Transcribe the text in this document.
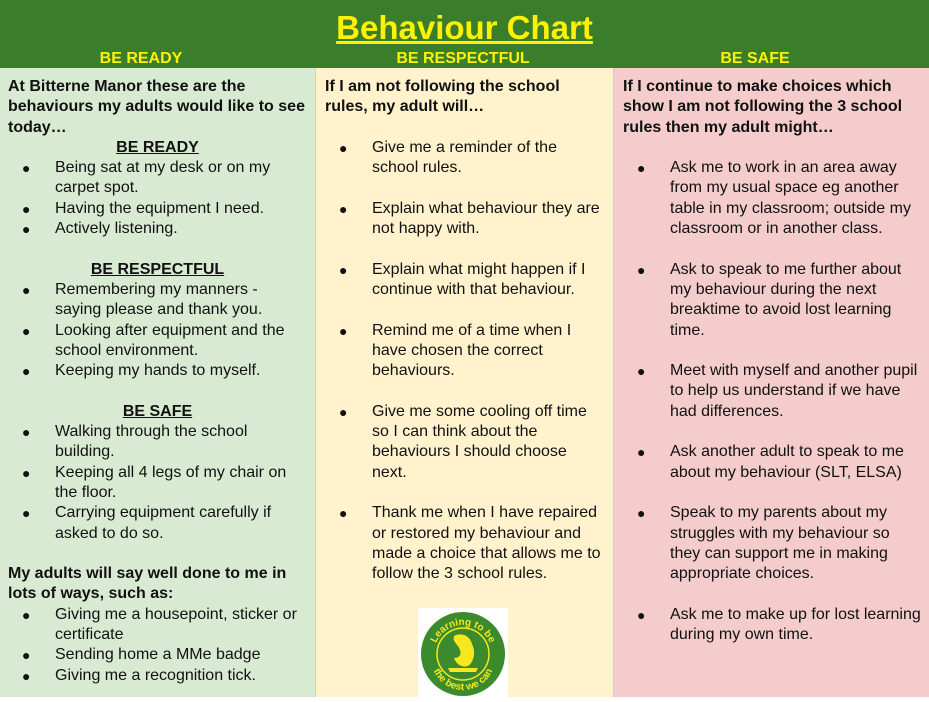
Behaviour Chart
BE READY	BE RESPECTFUL	BE SAFE

At Bitterne Manor these are the behaviours my adults would like to see today…

BE READY

● Being sat at my desk or on my carpet spot.
● Having the equipment I need.
● Actively listening.

BE RESPECTFUL

● Remembering my manners - saying please and thank you.
● Looking after equipment and the school environment.
● Keeping my hands to myself.

BE SAFE

● Walking through the school building.
● Keeping all 4 legs of my chair on the floor.
● Carrying equipment carefully if asked to do so.

My adults will say well done to me in lots of ways, such as:

● Giving me a housepoint, sticker or certificate
● Sending home a MMe badge
● Giving me a recognition tick.

If I am not following the school rules, my adult will…

● Give me a reminder of the school rules.
● Explain what behaviour they are not happy with.
● Explain what might happen if I continue with that behaviour.
● Remind me of a time when I have chosen the correct behaviours.
● Give me some cooling off time so I can think about the behaviours I should choose next.
● Thank me when I have repaired or restored my behaviour and made a choice that allows me to follow the 3 school rules.
Learning to be
the best we can

If I continue to make choices which show I am not following the 3 school rules then my adult might…

● Ask me to work in an area away from my usual space eg another table in my classroom; outside my classroom or in another class.
● Ask to speak to me further about my behaviour during the next breaktime to avoid lost learning time.
● Meet with myself and another pupil to help us understand if we have had differences.
● Ask another adult to speak to me about my behaviour (SLT, ELSA)
● Speak to my parents about my struggles with my behaviour so they can support me in making appropriate choices.
● Ask me to make up for lost learning during my own time.
